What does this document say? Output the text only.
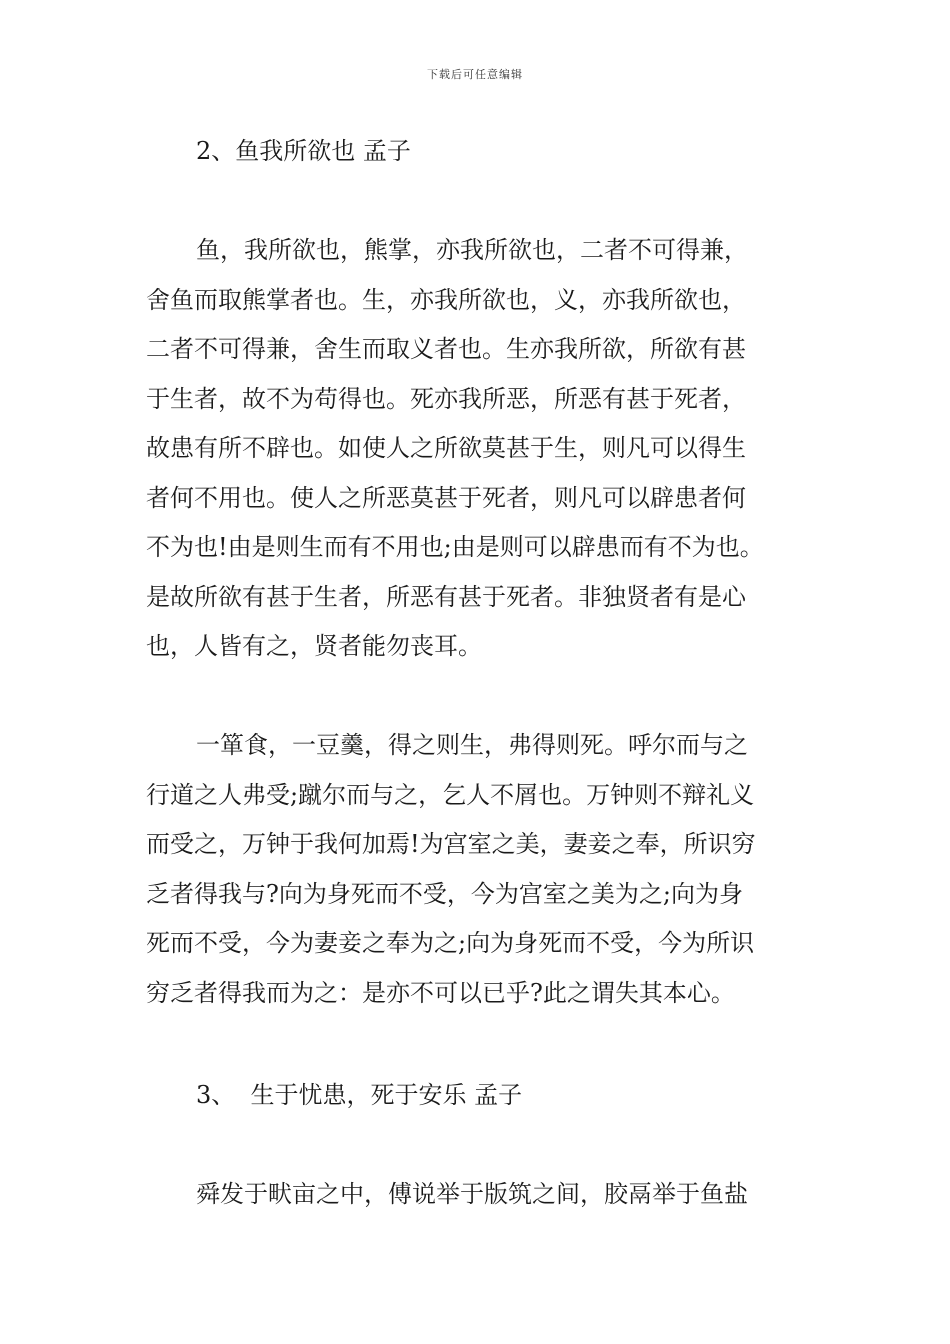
下载后可任意编辑
2、鱼我所欲也 孟子
鱼，我所欲也，熊掌，亦我所欲也，二者不可得兼，
舍鱼而取熊掌者也。生，亦我所欲也，义，亦我所欲也，
二者不可得兼，舍生而取义者也。生亦我所欲，所欲有甚
于生者，故不为苟得也。死亦我所恶，所恶有甚于死者，
故患有所不辟也。如使人之所欲莫甚于生，则凡可以得生
者何不用也。使人之所恶莫甚于死者，则凡可以辟患者何
不为也!由是则生而有不用也;由是则可以辟患而有不为也。
是故所欲有甚于生者，所恶有甚于死者。非独贤者有是心
也，人皆有之，贤者能勿丧耳。
一箪食，一豆羹，得之则生，弗得则死。呼尔而与之
行道之人弗受;蹴尔而与之，乞人不屑也。万钟则不辩礼义
而受之，万钟于我何加焉!为宫室之美，妻妾之奉，所识穷
乏者得我与?向为身死而不受，今为宫室之美为之;向为身
死而不受，今为妻妾之奉为之;向为身死而不受，今为所识
穷乏者得我而为之：是亦不可以已乎?此之谓失其本心。
3、  生于忧患，死于安乐 孟子
舜发于畎亩之中，傅说举于版筑之间，胶鬲举于鱼盐
